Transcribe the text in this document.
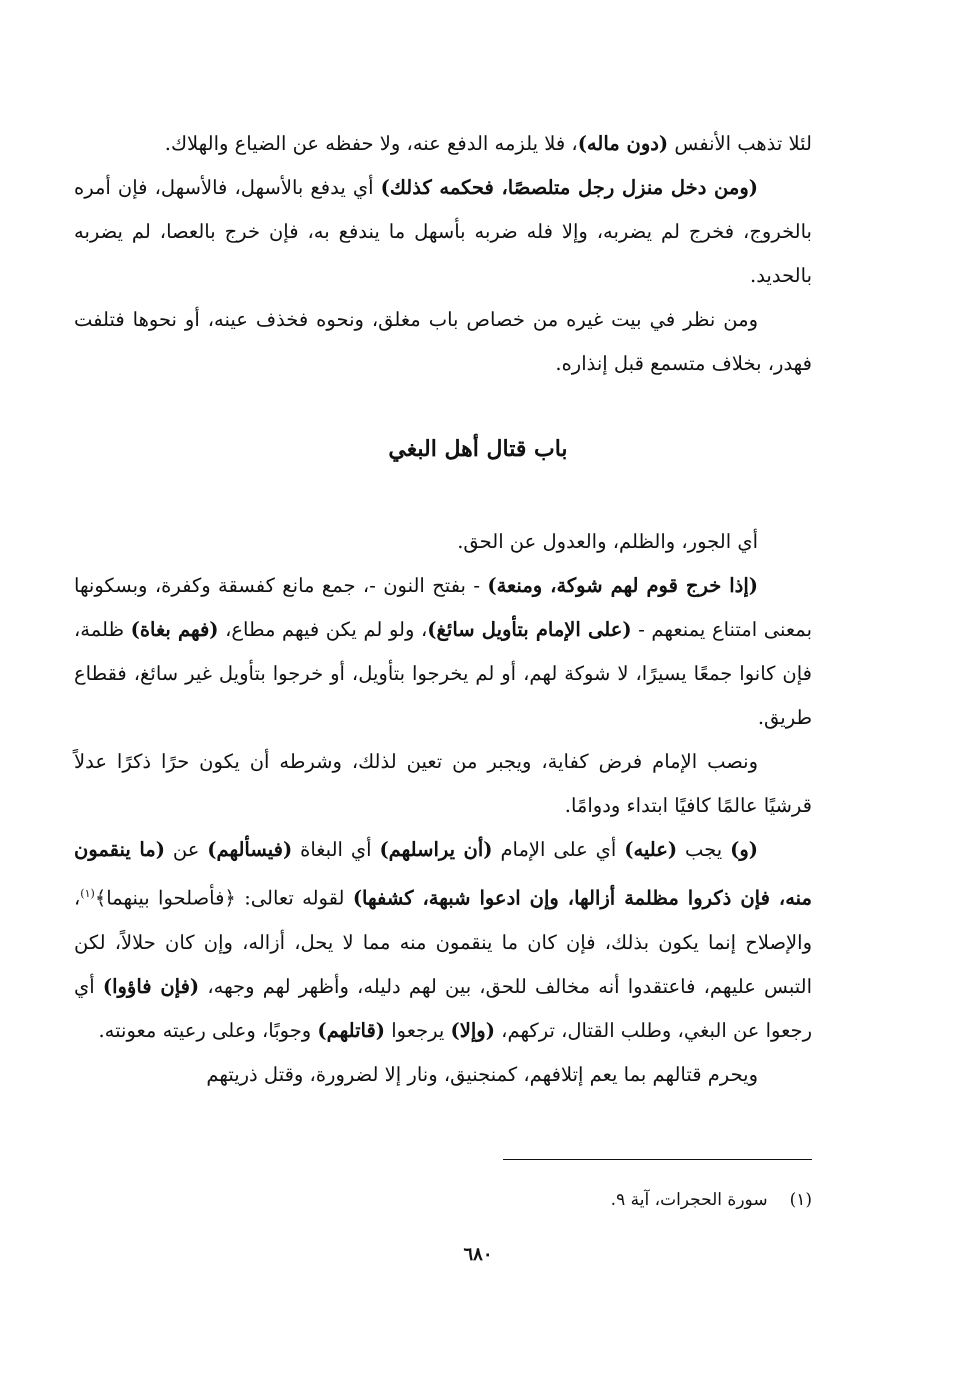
لئلا تذهب الأنفس (دون ماله)، فلا يلزمه الدفع عنه، ولا حفظه عن الضياع والهلاك.

(ومن دخل منزل رجل متلصصًا، فحكمه كذلك) أي يدفع بالأسهل، فالأسهل، فإن أمره بالخروج، فخرج لم يضربه، وإلا فله ضربه بأسهل ما يندفع به، فإن خرج بالعصا، لم يضربه بالحديد.

ومن نظر في بيت غيره من خصاص باب مغلق، ونحوه فخذف عينه، أو نحوها فتلفت فهدر، بخلاف متسمع قبل إنذاره.

باب قتال أهل البغي

أي الجور، والظلم، والعدول عن الحق.

(إذا خرج قوم لهم شوكة، ومنعة) - بفتح النون -، جمع مانع كفسقة وكفرة، وبسكونها بمعنى امتناع يمنعهم - (على الإمام بتأويل سائغ)، ولو لم يكن فيهم مطاع، (فهم بغاة) ظلمة، فإن كانوا جمعًا يسيرًا، لا شوكة لهم، أو لم يخرجوا بتأويل، أو خرجوا بتأويل غير سائغ، فقطاع طريق.

ونصب الإمام فرض كفاية، ويجبر من تعين لذلك، وشرطه أن يكون حرًا ذكرًا عدلاً قرشيًا عالمًا كافيًا ابتداء ودوامًا.

(و) يجب (عليه) أي على الإمام (أن يراسلهم) أي البغاة (فيسألهم) عن (ما ينقمون منه، فإن ذكروا مظلمة أزالها، وإن ادعوا شبهة، كشفها) لقوله تعالى: ﴿فأصلحوا بينهما﴾$^{(١)}$، والإصلاح إنما يكون بذلك، فإن كان ما ينقمون منه مما لا يحل، أزاله، وإن كان حلالاً، لكن التبس عليهم، فاعتقدوا أنه مخالف للحق، بين لهم دليله، وأظهر لهم وجهه، (فإن فاؤوا) أي رجعوا عن البغي، وطلب القتال، تركهم، (وإلا) يرجعوا (قاتلهم) وجوبًا، وعلى رعيته معونته.

ويحرم قتالهم بما يعم إتلافهم، كمنجنيق، ونار إلا لضرورة، وقتل ذريتهم

(١)سورة الحجرات، آية ٩.
٦٨٠
